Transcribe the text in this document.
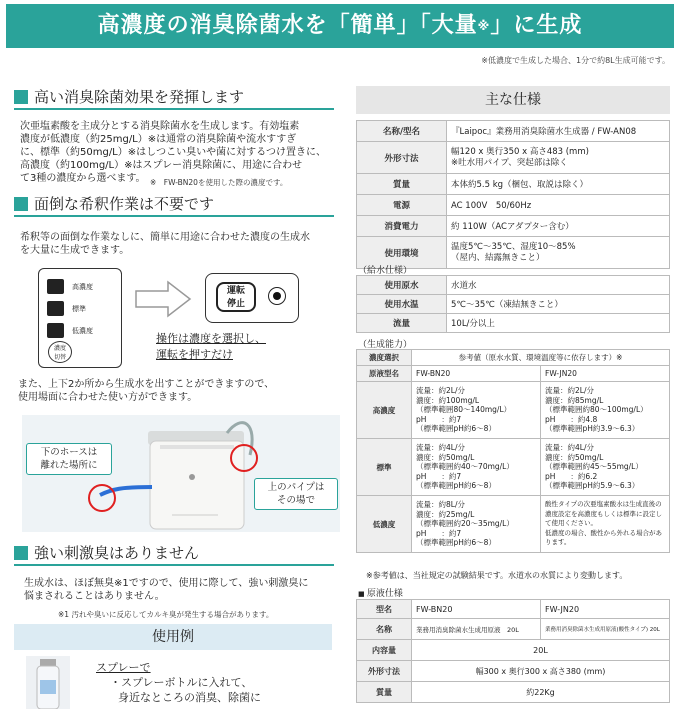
高濃度の消臭除菌水を「簡単」「大量※」に生成
※低濃度で生成した場合、1分で約8L生成可能です。
高い消臭除菌効果を発揮します
次亜塩素酸を主成分とする消臭除菌水を生成します。有効塩素
濃度が低濃度（約25mg/L）※は通常の消臭除菌や流水すすぎ
に、標準（約50mg/L）※はしつこい臭いや菌に対するつけ置きに、
高濃度（約100mg/L）※はスプレー消臭除菌に、用途に合わせ
て3種の濃度から選べます。 ※　FW-BN20を使用した際の濃度です。
面倒な希釈作業は不要です
希釈等の面倒な作業なしに、簡単に用途に合わせた濃度の生成水
を大量に生成できます。
高濃度
標準
低濃度
濃度
切替
運転
停止
操作は濃度を選択し、
運転を押すだけ
また、上下2か所から生成水を出すことができますので、
使用場面に合わせた使い方ができます。
下のホースは
離れた場所に
上のパイプは
その場で
強い刺激臭はありません
生成水は、ほぼ無臭※1ですので、使用に際して、強い刺激臭に
悩まされることはありません。
※1 汚れや臭いに反応してカルキ臭が発生する場合があります。
使用例
スプレーで
・スプレーボトルに入れて、
身近なところの消臭、除菌に
主な仕様
名称/型名	『Laipoc』業務用消臭除菌水生成器 / FW-AN08
外形寸法	幅120 x 奥行350 x 高さ483 (mm)
※吐水用パイプ、突起部は除く
質量	本体約5.5 kg（梱包、取説は除く）
電源	AC 100V　50/60Hz
消費電力	約 110W（ACアダプター含む）
使用環境	温度5℃～35℃、湿度10～85%
（屋内、結露無きこと）
（給水仕様）
使用原水	水道水
使用水温	5℃～35℃（凍結無きこと）
流量	10L/分以上
（生成能力）
濃度選択	参考値（原水水質、環境温度等に依存します）※	
原液型名	FW-BN20	FW-JN20
高濃度	流量：約2L/分
濃度：約100mg/L
（標準範囲80～140mg/L）
pH　　：約7
（標準範囲pH約6～8）	流量：約2L/分
濃度：約85mg/L
（標準範囲約80～100mg/L）
pH　　：約4.8
（標準範囲pH約3.9～6.3）
標準	流量：約4L/分
濃度：約50mg/L
（標準範囲約40～70mg/L）
pH　　：約7
（標準範囲pH約6～8）	流量：約4L/分
濃度：約50mg/L
（標準範囲約45～55mg/L）
pH　　：約6.2
（標準範囲pH約5.9～6.3）
低濃度	流量：約8L/分
濃度：約25mg/L
（標準範囲約20～35mg/L）
pH　　：約7
（標準範囲pH約6～8）	酸性タイプの次亜塩素酸水は生成直後の濃度設定を高濃度もしくは標準に設定して使用ください。
低濃度の場合、酸性から外れる場合があります。
※参考値は、当社規定の試験結果です。水道水の水質により変動します。
■ 原液仕様
型名	FW-BN20	FW-JN20
名称	業務用消臭除菌水生成用原液　20L	業務用消臭除菌水生成用原液(酸性タイプ) 20L
内容量	20L	
外形寸法	幅300 x 奥行300 x 高さ380 (mm)	
質量	約22Kg	
